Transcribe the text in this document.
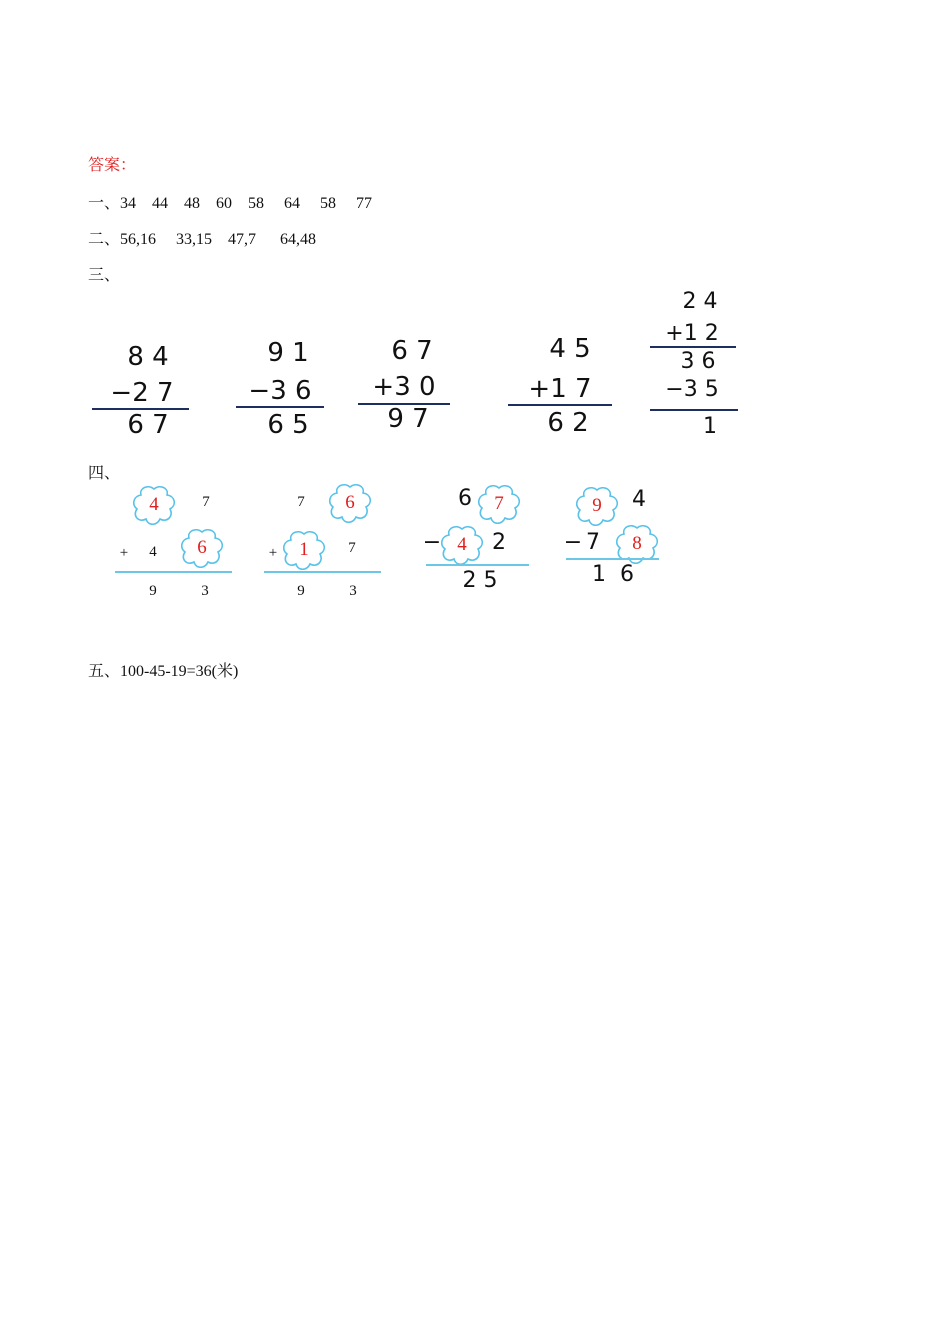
答案：
一、34    44    48    60    58     64     58     77
二、56,16     33,15    47,7      64,48
三、
8 4
−2 7
6 7
9 1
−3 6
6 5
6 7
+3 0
9 7
4 5
+1 7
6 2
2 4
+1 2
3 6
−3 5
1
四、
4	7
+	4	6
9	3
7	6
+	1	7
9	3
6	7
− 4	2
2 5
9	4
− 7	8
1  6
五、100-45-19=36(米)
